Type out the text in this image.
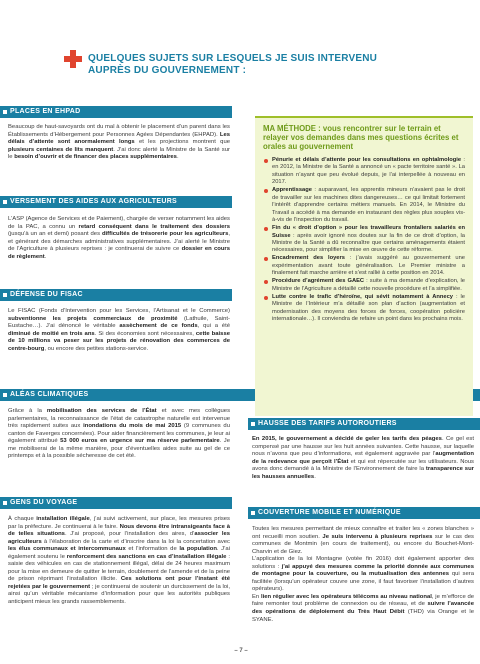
QUELQUES SUJETS SUR LESQUELS JE SUIS INTERVENU AUPRÈS DU GOUVERNEMENT :
PLACES EN EHPAD
Beaucoup de haut-savoyards ont du mal à obtenir le placement d’un parent dans les Établissements d’Hébergement pour Personnes Agées Dépendantes (EHPAD). Les délais d’attente sont anormalement longs et les projections montrent que plusieurs centaines de lits manquent. J’ai donc alerté la Ministre de la Santé sur le besoin d’ouvrir et de financer des places supplémentaires.
VERSEMENT DES AIDES AUX AGRICULTEURS
L’ASP (Agence de Services et de Paiement), chargée de verser notamment les aides de la PAC, a connu un retard conséquent dans le traitement des dossiers (jusqu’à un an et demi) posant des difficultés de trésorerie pour les agriculteurs, et générant des démarches administratives supplémentaires. J’ai alerté le Ministre de l’Agriculture à plusieurs reprises : je continuerai de suivre ce dossier en cours de règlement.
DÉFENSE DU FISAC
Le FISAC (Fonds d’Intervention pour les Services, l’Artisanat et le Commerce) subventionne les projets commerciaux de proximité (Lathuile, Saint-Eustache…). J’ai dénoncé le véritable assèchement de ce fonds, qui a été diminué de moitié en trois ans. Si des économies sont nécessaires, cette baisse de 10 millions va peser sur les projets de rénovation des commerces de centre-bourg, ou encore des petites stations-service.
ALÉAS CLIMATIQUES
Grâce à la mobilisation des services de l’État et avec mes collègues parlementaires, la reconnaissance de l’état de catastrophe naturelle est intervenue très rapidement suites aux inondations du mois de mai 2015 (9 communes du canton de Faverges concernées). Pour aider financièrement les communes, je leur ai également attribué 53 000 euros en urgence sur ma réserve parlementaire. Je me mobiliserai de la même manière, pour d’éventuelles aides suite au gel de ce printemps et à la possible sécheresse de cet été.
GENS DU VOYAGE
À chaque installation illégale, j’ai suivi activement, sur place, les mesures prises par la préfecture. Je continuerai à le faire. Nous devons être intransigeants face à de telles situations. J’ai proposé, pour l’installation des aires, d’associer les agriculteurs à l’élaboration de la carte et d’inscrire dans la loi la concertation avec les élus communaux et intercommunaux et l’information de la population. J’ai également soutenu le renforcement des sanctions en cas d’installation illégale : saisie des véhicules en cas de stationnement illégal, délai de 24 heures maximum pour la mise en demeure de quitter le terrain, doublement de l’amende et de la peine de prison réprimant l’installation illicite. Ces solutions ont pour l’instant été rejetées par le gouvernement ; je continuerai de soutenir un durcissement de la loi, ainsi qu’un véritable mécanisme d’information pour que les autorités publiques anticipent mieux les grands rassemblements.
MA MÉTHODE : vous rencontrer sur le terrain et relayer vos demandes dans mes questions écrites et orales au gouvernement
Pénurie et délais d’attente pour les consultations en ophtalmologie : en 2012, la Ministre de la Santé a annoncé un « pacte territoire santé ». La situation n’ayant que peu évolué depuis, je l’ai interpellée à nouveau en 2017.
Apprentissage : auparavant, les apprentis mineurs n’avaient pas le droit de travailler sur les machines dites dangereuses… ce qui limitait fortement l’intérêt d’apprendre certains métiers manuels. En 2014, le Ministre du Travail a accédé à ma demande en instaurant des règles plus souples vis-à-vis de l’inspection du travail.
Fin du « droit d’option » pour les travailleurs frontaliers salariés en Suisse : après avoir ignoré nos doutes sur la fin de ce droit d’option, la Ministre de la Santé a dû reconnaître que certains aménagements étaient nécessaires, pour simplifier la mise en œuvre de cette réforme.
Encadrement des loyers : j’avais suggéré au gouvernement une expérimentation avant toute généralisation. Le Premier ministre a finalement fait marche arrière et s’est rallié à cette position en 2014.
Procédure d’agrément des GAEC : suite à ma demande d’explication, le Ministre de l’Agriculture a détaillé cette nouvelle procédure et l’a simplifiée.
Lutte contre le trafic d’héroïne, qui sévit notamment à Annecy : le Ministre de l’Intérieur m’a détaillé son plan d’action (augmentation et modernisation des moyens des forces de forces, coopération policière internationale…). Il conviendra de refaire un point dans les prochains mois.
HAUSSE DES TARIFS AUTOROUTIERS
En 2015, le gouvernement a décidé de geler les tarifs des péages. Ce gel est compensé par une hausse sur les huit années suivantes. Cette hausse, sur laquelle nous n’avons que peu d’informations, est également aggravée par l’augmentation de la redevance que perçoit l’État et qui est répercutée sur les utilisateurs. Nous avons donc demandé à la Ministre de l’Environnement de faire la transparence sur les hausses annuelles.
COUVERTURE MOBILE ET NUMÉRIQUE
Toutes les mesures permettant de mieux connaître et traiter les « zones blanches » ont recueilli mon soutien. Je suis intervenu à plusieurs reprises sur le cas des communes de Montmin (en cours de traitement), ou encore du Bouchet-Mont-Charvin et de Giez.
L’application de la loi Montagne (votée fin 2016) doit également apporter des solutions : j’ai appuyé des mesures comme la priorité donnée aux communes de montagne pour la couverture, ou la mutualisation des antennes qui sera facilitée (lorsqu’un opérateur couvre une zone, il faut favoriser l’installation d’autres opérateurs).
En lien régulier avec les opérateurs télécoms au niveau national, je m’efforce de faire remonter tout problème de connexion ou de réseau, et de suivre l’avancée des opérations de déploiement du Très Haut Débit (THD) via Orange et le SYANE.
– 7 –
